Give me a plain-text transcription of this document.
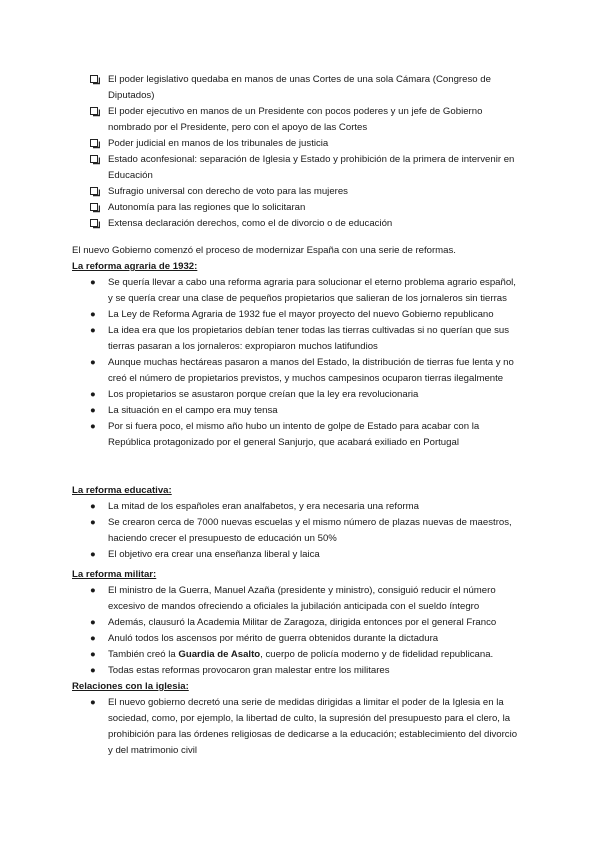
El poder legislativo quedaba en manos de unas Cortes de una sola Cámara (Congreso de Diputados)
El poder ejecutivo en manos de un Presidente con pocos poderes y un jefe de Gobierno nombrado por el Presidente, pero con el apoyo de las Cortes
Poder judicial en manos de los tribunales de justicia
Estado aconfesional: separación de Iglesia y Estado y prohibición de la primera de intervenir en Educación
Sufragio universal con derecho de voto para las mujeres
Autonomía para las regiones que lo solicitaran
Extensa declaración derechos, como el de divorcio o de educación
El nuevo Gobierno comenzó el proceso de modernizar España con una serie de reformas.
La reforma agraria de 1932:
● Se quería llevar a cabo una reforma agraria para solucionar el eterno problema agrario español, y se quería crear una clase de pequeños propietarios que salieran de los jornaleros sin tierras
● La Ley de Reforma Agraria de 1932 fue el mayor proyecto del nuevo Gobierno republicano
● La idea era que los propietarios debían tener todas las tierras cultivadas si no querían que sus tierras pasaran a los jornaleros: expropiaron muchos latifundios
● Aunque muchas hectáreas pasaron a manos del Estado, la distribución de tierras fue lenta y no creó el número de propietarios previstos, y muchos campesinos ocuparon tierras ilegalmente
● Los propietarios se asustaron porque creían que la ley era revolucionaria
● La situación en el campo era muy tensa
● Por si fuera poco, el mismo año hubo un intento de golpe de Estado para acabar con la República protagonizado por el general Sanjurjo, que acabará exiliado en Portugal
La reforma educativa:
● La mitad de los españoles eran analfabetos, y era necesaria una reforma
● Se crearon cerca de 7000 nuevas escuelas y el mismo número de plazas nuevas de maestros, haciendo crecer el presupuesto de educación un 50%
● El objetivo era crear una enseñanza liberal y laica
La reforma militar:
● El ministro de la Guerra, Manuel Azaña (presidente y ministro), consiguió reducir el número excesivo de mandos ofreciendo a oficiales la jubilación anticipada con el sueldo íntegro
● Además, clausuró la Academia Militar de Zaragoza, dirigida entonces por el general Franco
● Anuló todos los ascensos por mérito de guerra obtenidos durante la dictadura
● También creó la Guardia de Asalto, cuerpo de policía moderno y de fidelidad republicana.
● Todas estas reformas provocaron gran malestar entre los militares
Relaciones con la iglesia:
● El nuevo gobierno decretó una serie de medidas dirigidas a limitar el poder de la Iglesia en la sociedad, como, por ejemplo, la libertad de culto, la supresión del presupuesto para el clero, la prohibición para las órdenes religiosas de dedicarse a la educación; establecimiento del divorcio y del matrimonio civil
